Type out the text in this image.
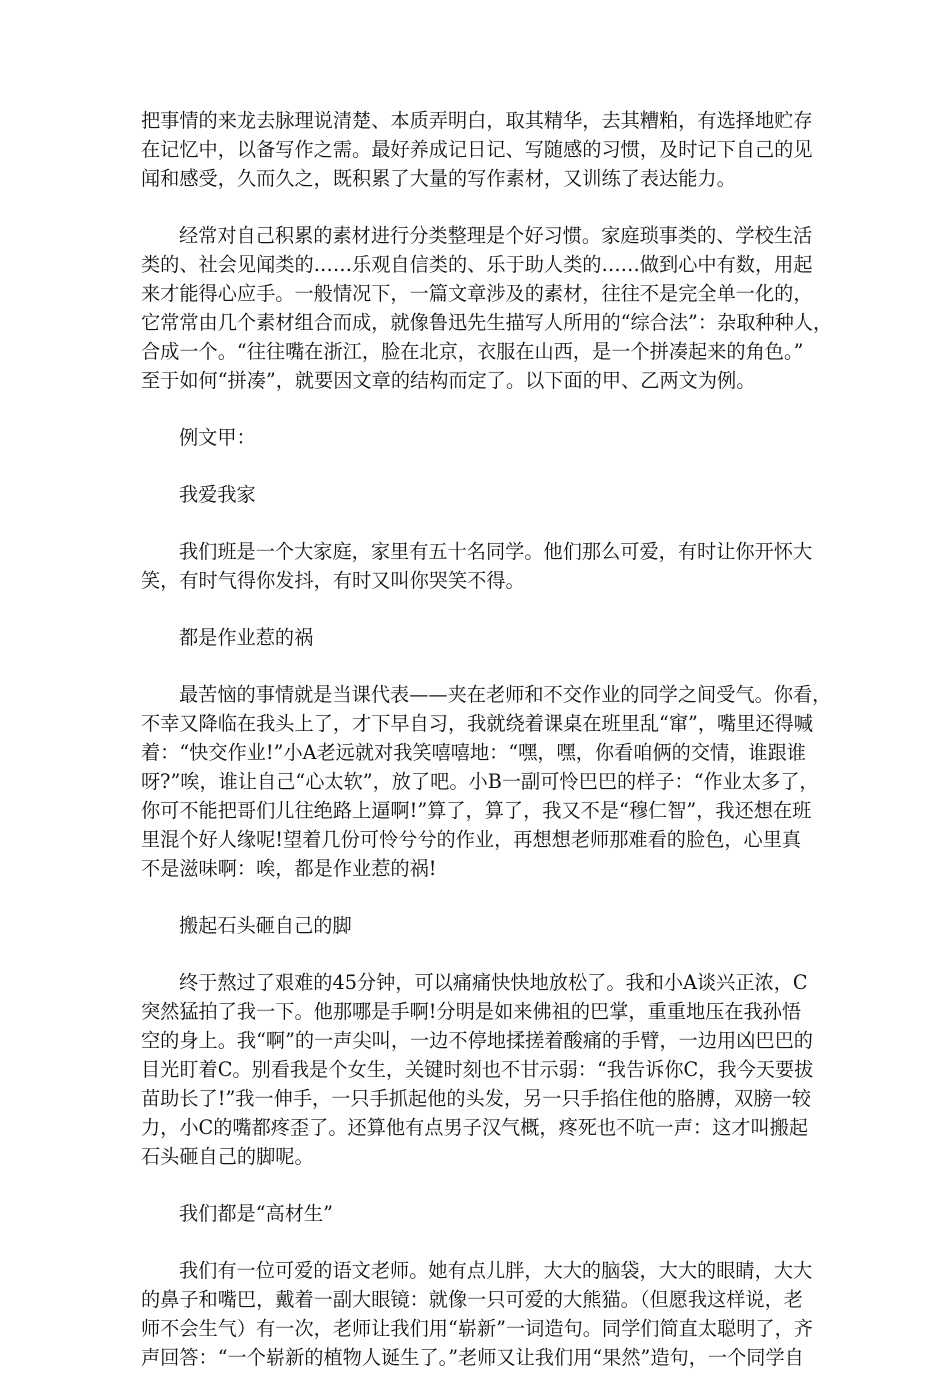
把事情的来龙去脉理说清楚、本质弄明白，取其精华，去其糟粕，有选择地贮存
在记忆中，以备写作之需。最好养成记日记、写随感的习惯，及时记下自己的见
闻和感受，久而久之，既积累了大量的写作素材，又训练了表达能力。
经常对自己积累的素材进行分类整理是个好习惯。家庭琐事类的、学校生活
类的、社会见闻类的……乐观自信类的、乐于助人类的……做到心中有数，用起
来才能得心应手。一般情况下，一篇文章涉及的素材，往往不是完全单一化的，
它常常由几个素材组合而成，就像鲁迅先生描写人所用的“综合法”：杂取种种人，
合成一个。“往往嘴在浙江，脸在北京，衣服在山西，是一个拼凑起来的角色。”
至于如何“拼凑”，就要因文章的结构而定了。以下面的甲、乙两文为例。
例文甲：
我爱我家
我们班是一个大家庭，家里有五十名同学。他们那么可爱，有时让你开怀大
笑，有时气得你发抖，有时又叫你哭笑不得。
都是作业惹的祸
最苦恼的事情就是当课代表——夹在老师和不交作业的同学之间受气。你看，
不幸又降临在我头上了，才下早自习，我就绕着课桌在班里乱“窜”，嘴里还得喊
着：“快交作业!”小A老远就对我笑嘻嘻地：“嘿，嘿，你看咱俩的交情，谁跟谁
呀?”唉，谁让自己“心太软”，放了吧。小B一副可怜巴巴的样子：“作业太多了，
你可不能把哥们儿往绝路上逼啊!”算了，算了，我又不是“穆仁智”，我还想在班
里混个好人缘呢!望着几份可怜兮兮的作业，再想想老师那难看的脸色，心里真
不是滋味啊：唉，都是作业惹的祸!
搬起石头砸自己的脚
终于熬过了艰难的45分钟，可以痛痛快快地放松了。我和小A谈兴正浓，C
突然猛拍了我一下。他那哪是手啊!分明是如来佛祖的巴掌，重重地压在我孙悟
空的身上。我“啊”的一声尖叫，一边不停地揉搓着酸痛的手臂，一边用凶巴巴的
目光盯着C。别看我是个女生，关键时刻也不甘示弱：“我告诉你C，我今天要拔
苗助长了!”我一伸手，一只手抓起他的头发，另一只手掐住他的胳膊，双膀一较
力，小C的嘴都疼歪了。还算他有点男子汉气概，疼死也不吭一声：这才叫搬起
石头砸自己的脚呢。
我们都是“高材生”
我们有一位可爱的语文老师。她有点儿胖，大大的脑袋，大大的眼睛，大大
的鼻子和嘴巴，戴着一副大眼镜：就像一只可爱的大熊猫。（但愿我这样说，老
师不会生气）有一次，老师让我们用“崭新”一词造句。同学们简直太聪明了，齐
声回答：“一个崭新的植物人诞生了。”老师又让我们用“果然”造句，一个同学自
